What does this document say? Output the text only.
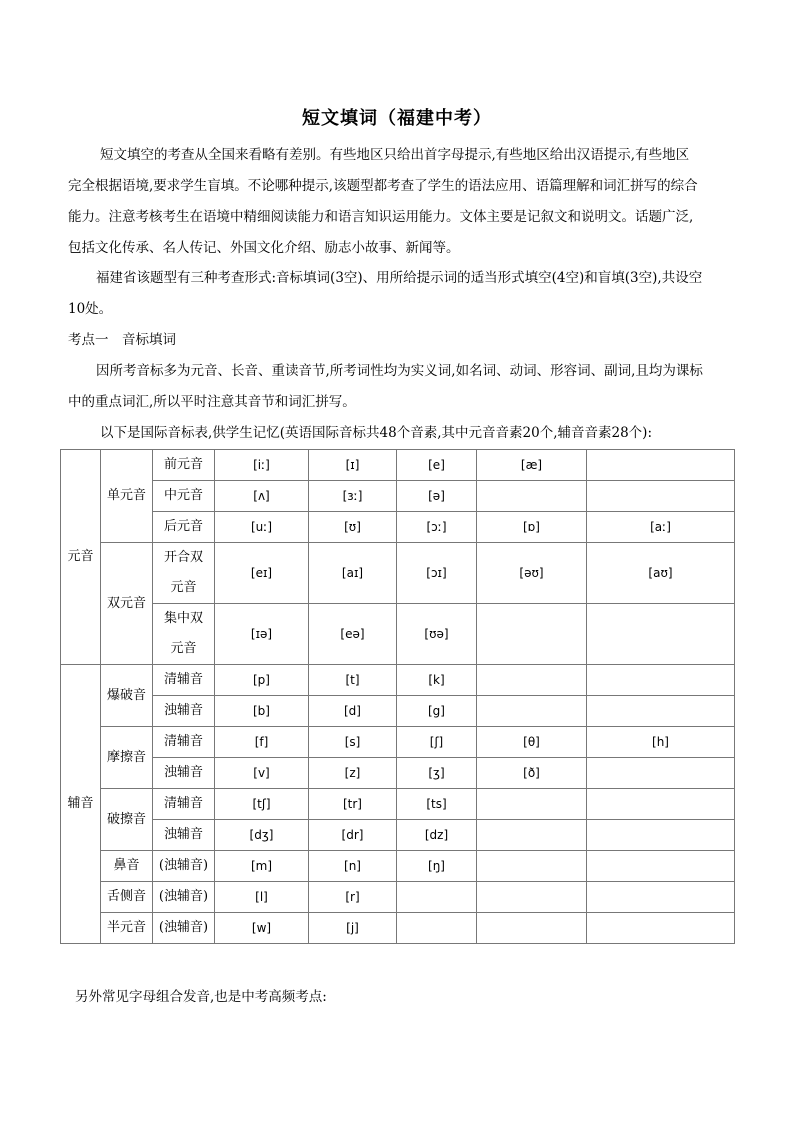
短文填词（福建中考）
短文填空的考查从全国来看略有差别。有些地区只给出首字母提示,有些地区给出汉语提示,有些地区
完全根据语境,要求学生盲填。不论哪种提示,该题型都考查了学生的语法应用、语篇理解和词汇拼写的综合
能力。注意考核考生在语境中精细阅读能力和语言知识运用能力。文体主要是记叙文和说明文。话题广泛,
包括文化传承、名人传记、外国文化介绍、励志小故事、新闻等。
福建省该题型有三种考查形式:音标填词(3空)、用所给提示词的适当形式填空(4空)和盲填(3空),共设空
10处。
考点一　音标填词
因所考音标多为元音、长音、重读音节,所考词性均为实义词,如名词、动词、形容词、副词,且均为课标
中的重点词汇,所以平时注意其音节和词汇拼写。
以下是国际音标表,供学生记忆(英语国际音标共48个音素,其中元音音素20个,辅音音素28个):
元音	单元音	前元音	[iː]	[ɪ]	[e]	[æ]	
		中元音	[ʌ]	[ɜː]	[ə]		
		后元音	[uː]	[ʊ]	[ɔː]	[ɒ]	[aː]
	双元音	开合双
元音	[eɪ]	[aɪ]	[ɔɪ]	[əʊ]	[aʊ]

		集中双
元音	[ɪə]	[eə]	[ʊə]		

辅音	爆破音	清辅音	[p]	[t]	[k]		
		浊辅音	[b]	[d]	[g]		
	摩擦音	清辅音	[f]	[s]	[ʃ]	[θ]	[h]
		浊辅音	[v]	[z]	[ʒ]	[ð]	
	破擦音	清辅音	[tʃ]	[tr]	[ts]		
		浊辅音	[dʒ]	[dr]	[dz]		
	鼻音	(浊辅音)	[m]	[n]	[ŋ]		
	舌侧音	(浊辅音)	[l]	[r]			
	半元音	(浊辅音)	[w]	[j]			
另外常见字母组合发音,也是中考高频考点:
